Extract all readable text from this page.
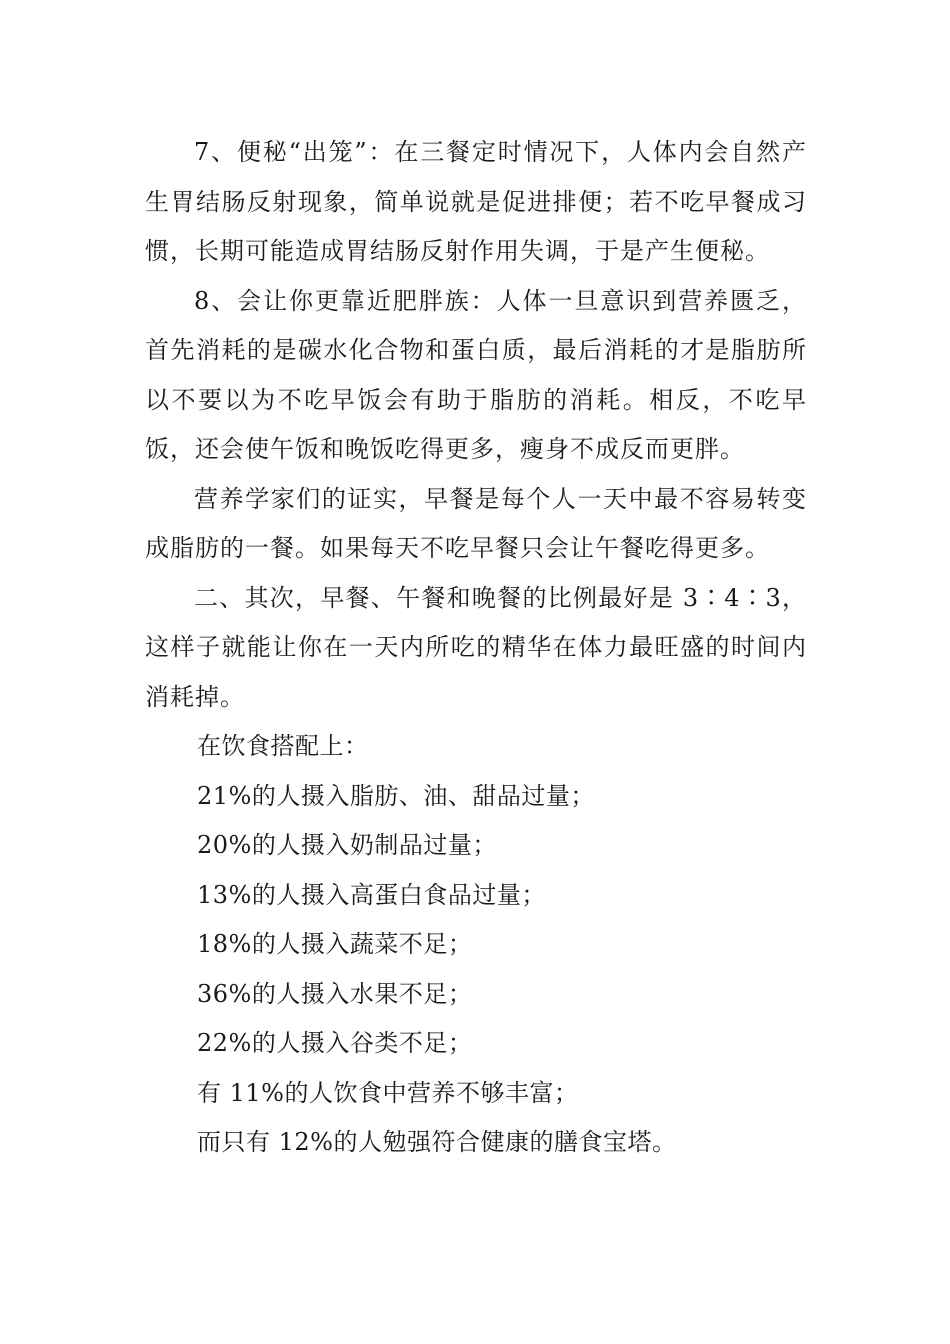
7、便秘“出笼”：在三餐定时情况下，人体内会自然产生胃结肠反射现象，简单说就是促进排便；若不吃早餐成习惯，长期可能造成胃结肠反射作用失调，于是产生便秘。

8、会让你更靠近肥胖族：人体一旦意识到营养匮乏，首先消耗的是碳水化合物和蛋白质，最后消耗的才是脂肪所以不要以为不吃早饭会有助于脂肪的消耗。相反，不吃早饭，还会使午饭和晚饭吃得更多，瘦身不成反而更胖。

营养学家们的证实，早餐是每个人一天中最不容易转变成脂肪的一餐。如果每天不吃早餐只会让午餐吃得更多。

二、其次，早餐、午餐和晚餐的比例最好是 3∶4∶3，这样子就能让你在一天内所吃的精华在体力最旺盛的时间内消耗掉。

在饮食搭配上：

21%的人摄入脂肪、油、甜品过量；

20%的人摄入奶制品过量；

13%的人摄入高蛋白食品过量；

18%的人摄入蔬菜不足；

36%的人摄入水果不足；

22%的人摄入谷类不足；

有 11%的人饮食中营养不够丰富；

而只有 12%的人勉强符合健康的膳食宝塔。
